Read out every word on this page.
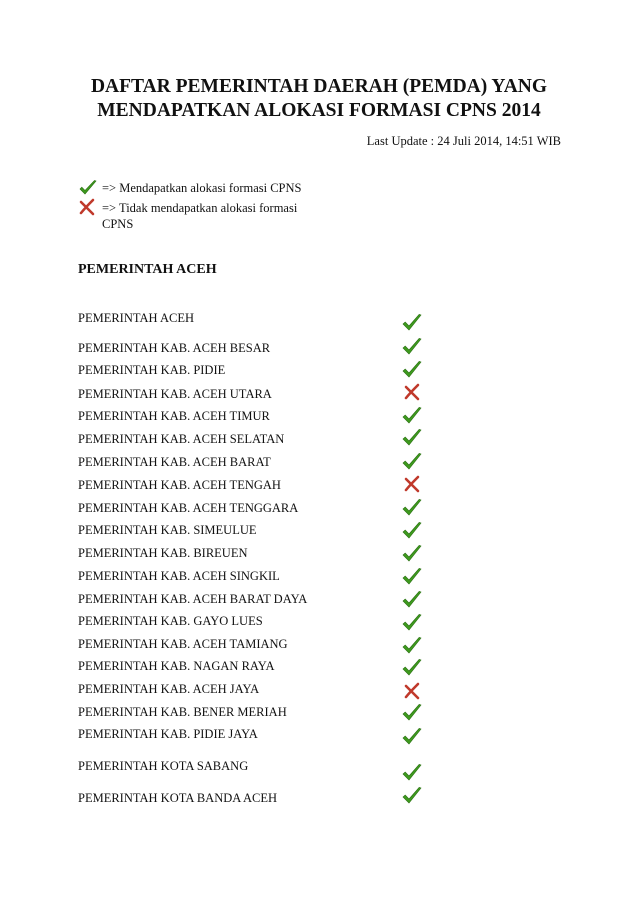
DAFTAR PEMERINTAH DAERAH (PEMDA) YANG
MENDAPATKAN ALOKASI FORMASI CPNS 2014
Last Update : 24 Juli 2014, 14:51 WIB
=> Mendapatkan alokasi formasi CPNS
=> Tidak mendapatkan alokasi formasi CPNS
PEMERINTAH ACEH
PEMERINTAH ACEH
PEMERINTAH KAB. ACEH BESAR
PEMERINTAH KAB. PIDIE
PEMERINTAH KAB. ACEH UTARA
PEMERINTAH KAB. ACEH TIMUR
PEMERINTAH KAB. ACEH SELATAN
PEMERINTAH KAB. ACEH BARAT
PEMERINTAH KAB. ACEH TENGAH
PEMERINTAH KAB. ACEH TENGGARA
PEMERINTAH KAB. SIMEULUE
PEMERINTAH KAB. BIREUEN
PEMERINTAH KAB. ACEH SINGKIL
PEMERINTAH KAB. ACEH BARAT DAYA
PEMERINTAH KAB. GAYO LUES
PEMERINTAH KAB. ACEH TAMIANG
PEMERINTAH KAB. NAGAN RAYA
PEMERINTAH KAB. ACEH JAYA
PEMERINTAH KAB. BENER MERIAH
PEMERINTAH KAB. PIDIE JAYA
PEMERINTAH KOTA SABANG
PEMERINTAH KOTA BANDA ACEH
